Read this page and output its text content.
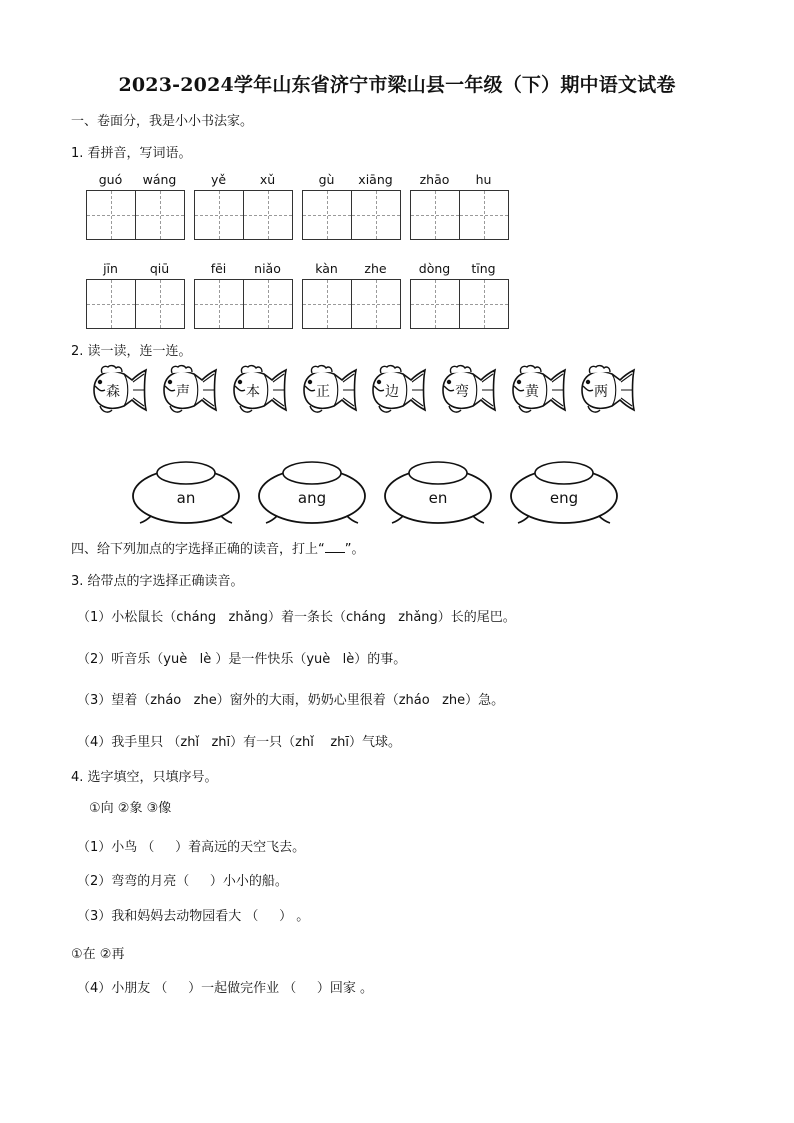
2023-2024学年山东省济宁市梁山县一年级（下）期中语文试卷
一、卷面分，我是小小书法家。
1. 看拼音，写词语。
guó	wáng	yě	xǔ	gù	xiāng	zhāo	hu
jīn	qiū	fēi	niǎo	kàn	zhe	dòng	tīng
2. 读一读，连一连。
森	声	本	正	边	弯	黄	两
an	ang	en	eng
四、给下列加点的字选择正确的读音，打上“ ”。
3. 给带点的字选择正确读音。
（1）小松鼠长（cháng   zhǎng）着一条长（cháng   zhǎng）长的尾巴。
（2）听音乐（yuè   lè ）是一件快乐（yuè   lè）的事。
（3）望着（zháo   zhe）窗外的大雨，奶奶心里很着（zháo   zhe）急。
（4）我手里只 （zhǐ   zhī）有一只（zhǐ    zhī）气球。
4. 选字填空，只填序号。
①向 ②象 ③像
（1）小鸟 （     ）着高远的天空飞去。
（2）弯弯的月亮（     ）小小的船。
（3）我和妈妈去动物园看大 （     ） 。
①在 ②再
（4）小朋友 （     ）一起做完作业 （     ）回家 。
